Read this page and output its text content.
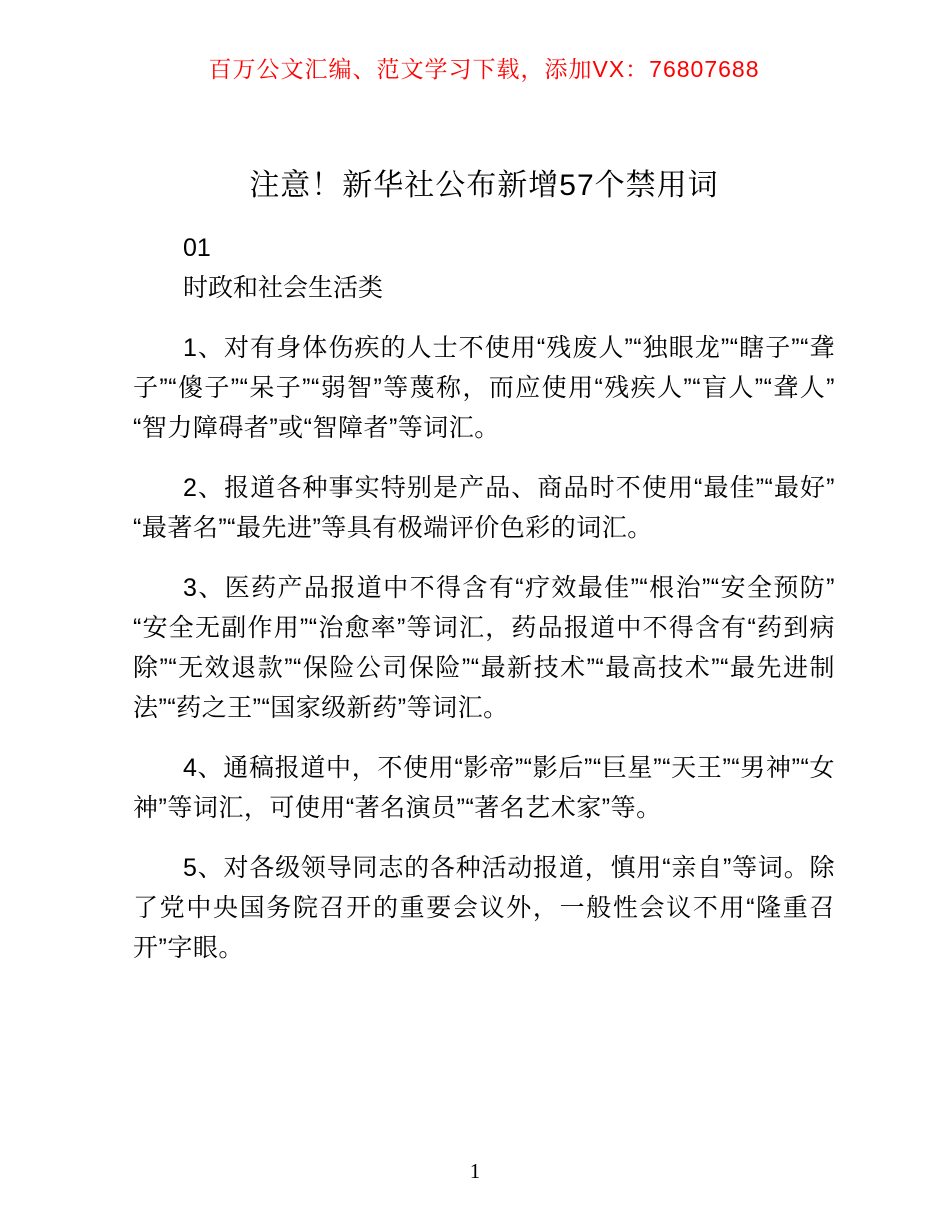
百万公文汇编、范文学习下载，添加VX：76807688
注意！新华社公布新增57个禁用词

01

时政和社会生活类

1、对有身体伤疾的人士不使用“残废人”“独眼龙”“瞎子”“聋子”“傻子”“呆子”“弱智”等蔑称，而应使用“残疾人”“盲人”“聋人”“智力障碍者”或“智障者”等词汇。

2、报道各种事实特别是产品、商品时不使用“最佳”“最好”“最著名”“最先进”等具有极端评价色彩的词汇。

3、医药产品报道中不得含有“疗效最佳”“根治”“安全预防”“安全无副作用”“治愈率”等词汇，药品报道中不得含有“药到病除”“无效退款”“保险公司保险”“最新技术”“最高技术”“最先进制法”“药之王”“国家级新药”等词汇。

4、通稿报道中，不使用“影帝”“影后”“巨星”“天王”“男神”“女神”等词汇，可使用“著名演员”“著名艺术家”等。

5、对各级领导同志的各种活动报道，慎用“亲自”等词。除了党中央国务院召开的重要会议外，一般性会议不用“隆重召开”字眼。

1
